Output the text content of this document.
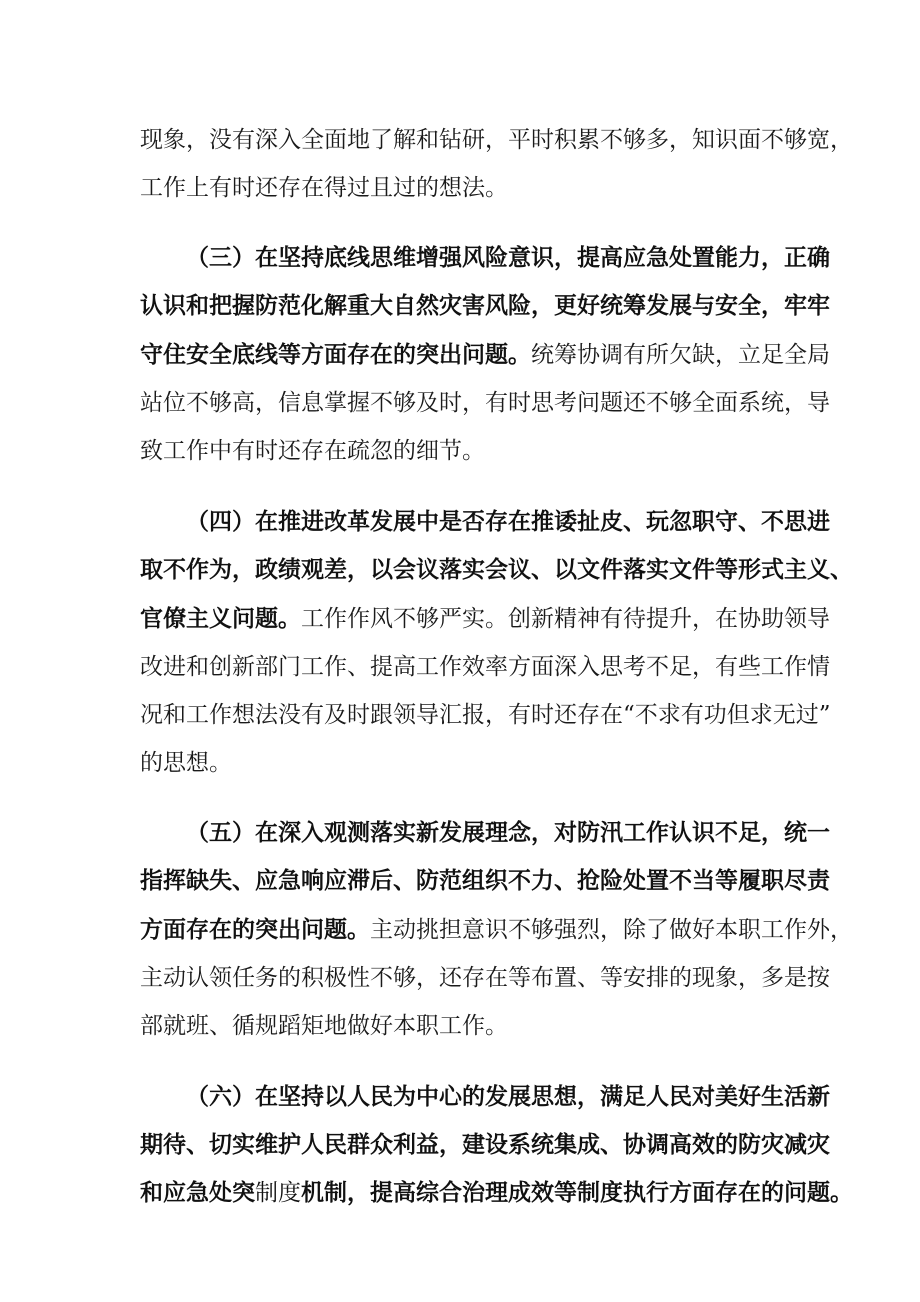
现象，没有深入全面地了解和钻研，平时积累不够多，知识面不够宽，
工作上有时还存在得过且过的想法。
（三）在坚持底线思维增强风险意识，提高应急处置能力，正确
认识和把握防范化解重大自然灾害风险，更好统筹发展与安全，牢牢
守住安全底线等方面存在的突出问题。统筹协调有所欠缺，立足全局
站位不够高，信息掌握不够及时，有时思考问题还不够全面系统，导
致工作中有时还存在疏忽的细节。
（四）在推进改革发展中是否存在推诿扯皮、玩忽职守、不思进
取不作为，政绩观差，以会议落实会议、以文件落实文件等形式主义、
官僚主义问题。工作作风不够严实。创新精神有待提升，在协助领导
改进和创新部门工作、提高工作效率方面深入思考不足，有些工作情
况和工作想法没有及时跟领导汇报，有时还存在“不求有功但求无过”
的思想。
（五）在深入观测落实新发展理念，对防汛工作认识不足，统一
指挥缺失、应急响应滞后、防范组织不力、抢险处置不当等履职尽责
方面存在的突出问题。主动挑担意识不够强烈，除了做好本职工作外，
主动认领任务的积极性不够，还存在等布置、等安排的现象，多是按
部就班、循规蹈矩地做好本职工作。
（六）在坚持以人民为中心的发展思想，满足人民对美好生活新
期待、切实维护人民群众利益，建设系统集成、协调高效的防灾减灾
和应急处突制度机制，提高综合治理成效等制度执行方面存在的问题。
